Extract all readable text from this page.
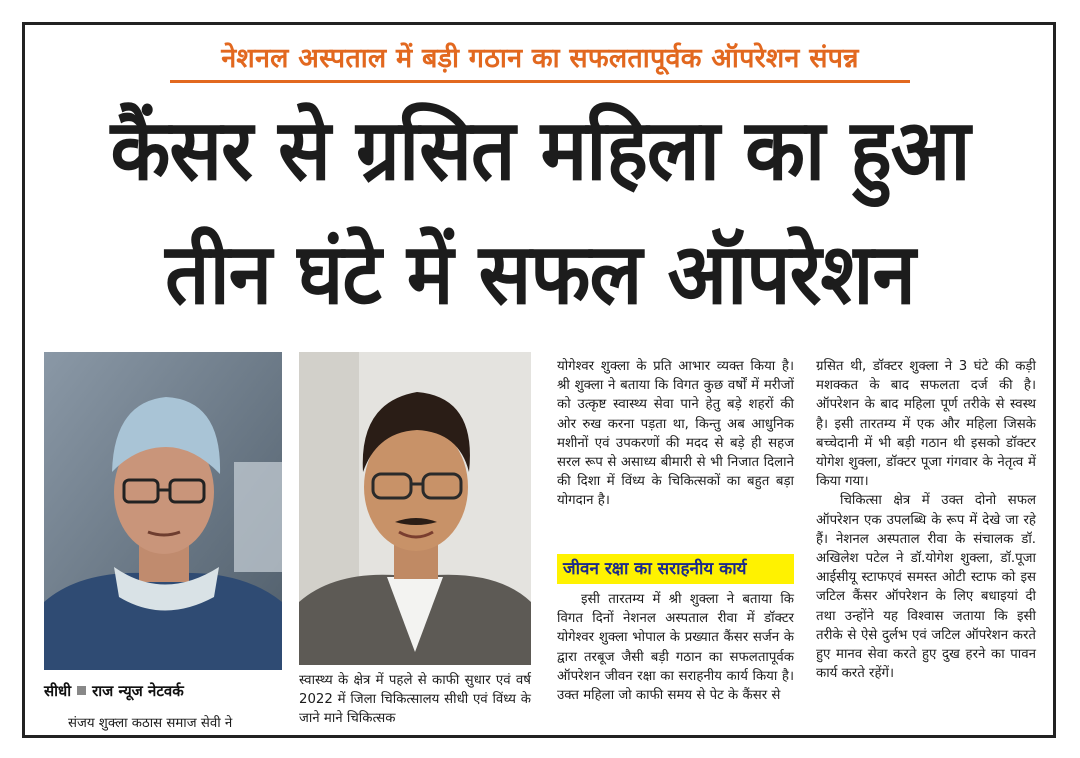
नेशनल अस्पताल में बड़ी गठान का सफलतापूर्वक ऑपरेशन संपन्न
कैंसर से ग्रसित महिला का हुआ
तीन घंटे में सफल ऑपरेशन
सीधी राज न्यूज नेटवर्क

संजय शुक्ला कठास समाज सेवी ने

स्वास्थ्य के क्षेत्र में पहले से काफी सुधार एवं वर्ष 2022 में जिला चिकित्सालय सीधी एवं विंध्य के जाने माने चिकित्सक

योगेश्वर शुक्ला के प्रति आभार व्यक्त किया है। श्री शुक्ला ने बताया कि विगत कुछ वर्षों में मरीजों को उत्कृष्ट स्वास्थ्य सेवा पाने हेतु बड़े शहरों की ओर रुख करना पड़ता था, किन्तु अब आधुनिक मशीनों एवं उपकरणों की मदद से बड़े ही सहज सरल रूप से असाध्य बीमारी से भी निजात दिलाने की दिशा में विंध्य के चिकित्सकों का बहुत बड़ा योगदान है।

जीवन रक्षा का सराहनीय कार्य

इसी तारतम्य में श्री शुक्ला ने बताया कि विगत दिनों नेशनल अस्पताल रीवा में डॉक्टर योगेश्वर शुक्ला भोपाल के प्रख्यात कैंसर सर्जन के द्वारा तरबूज जैसी बड़ी गठान का सफलतापूर्वक ऑपरेशन जीवन रक्षा का सराहनीय कार्य किया है। उक्त महिला जो काफी समय से पेट के कैंसर से

ग्रसित थी, डॉक्टर शुक्ला ने 3 घंटे की कड़ी मशक्कत के बाद सफलता दर्ज की है। ऑपरेशन के बाद महिला पूर्ण तरीके से स्वस्थ है। इसी तारतम्य में एक और महिला जिसके बच्चेदानी में भी बड़ी गठान थी इसको डॉक्टर योगेश शुक्ला, डॉक्टर पूजा गंगवार के नेतृत्व में किया गया।

चिकित्सा क्षेत्र में उक्त दोनो सफल ऑपरेशन एक उपलब्धि के रूप में देखे जा रहे हैं। नेशनल अस्पताल रीवा के संचालक डॉ. अखिलेश पटेल ने डॉ.योगेश शुक्ला, डॉ.पूजा आईसीयू स्टाफएवं समस्त ओटी स्टाफ को इस जटिल कैंसर ऑपरेशन के लिए बधाइयां दी तथा उन्होंने यह विश्वास जताया कि इसी तरीके से ऐसे दुर्लभ एवं जटिल ऑपरेशन करते हुए मानव सेवा करते हुए दुख हरने का पावन कार्य करते रहेंगें।
